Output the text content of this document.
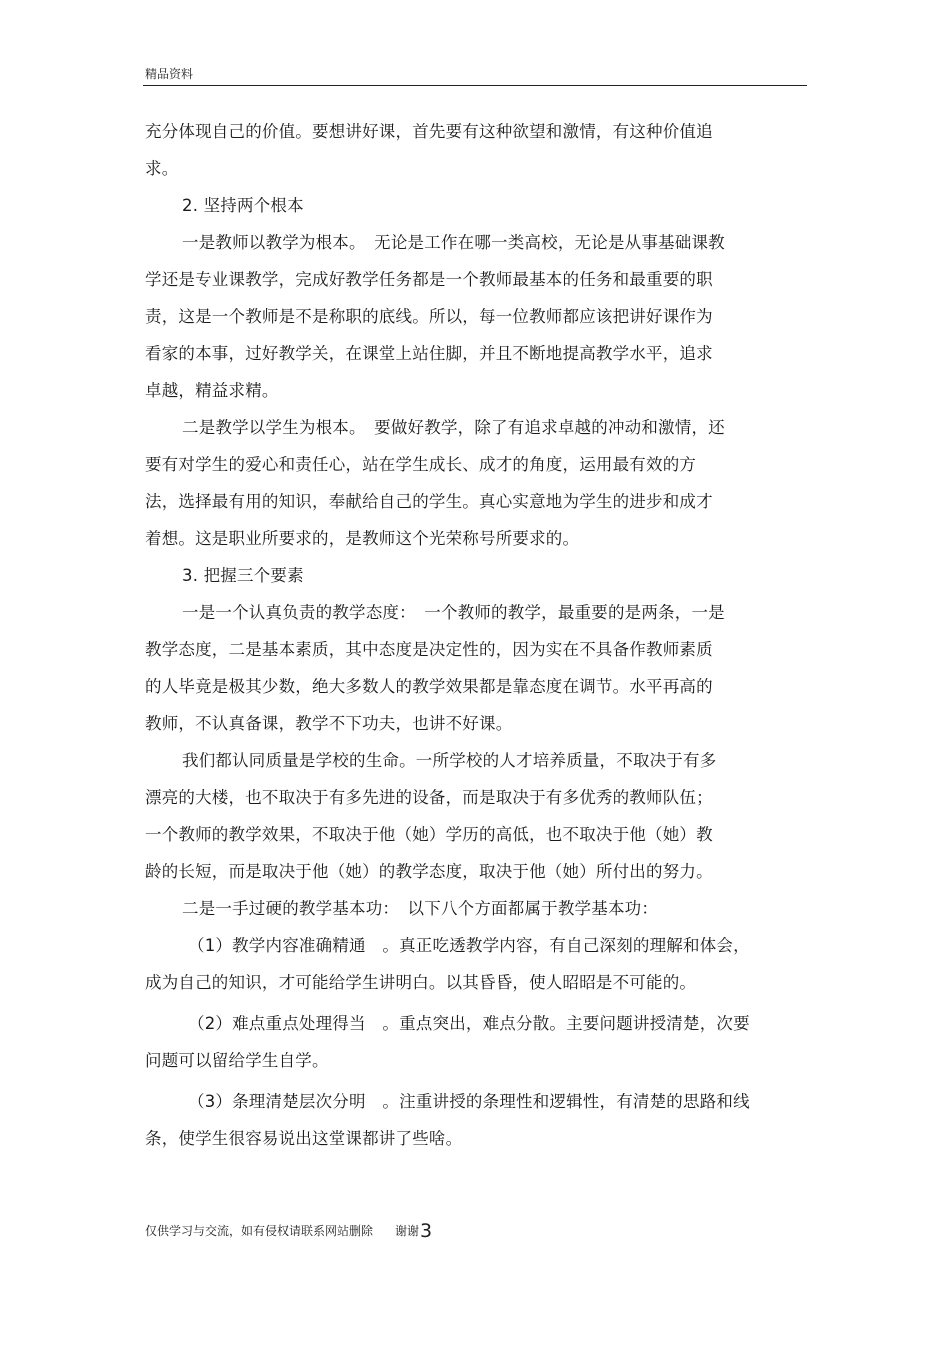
精品资料
充分体现自己的价值。要想讲好课，首先要有这种欲望和激情，有这种价值追
求。
2. 坚持两个根本
一是教师以教学为根本。　无论是工作在哪一类高校，无论是从事基础课教
学还是专业课教学，完成好教学任务都是一个教师最基本的任务和最重要的职
责，这是一个教师是不是称职的底线。所以，每一位教师都应该把讲好课作为
看家的本事，过好教学关，在课堂上站住脚，并且不断地提高教学水平，追求
卓越，精益求精。
二是教学以学生为根本。　要做好教学，除了有追求卓越的冲动和激情，还
要有对学生的爱心和责任心，站在学生成长、成才的角度，运用最有效的方
法，选择最有用的知识，奉献给自己的学生。真心实意地为学生的进步和成才
着想。这是职业所要求的，是教师这个光荣称号所要求的。
3. 把握三个要素
一是一个认真负责的教学态度：　一个教师的教学，最重要的是两条，一是
教学态度，二是基本素质，其中态度是决定性的，因为实在不具备作教师素质
的人毕竟是极其少数，绝大多数人的教学效果都是靠态度在调节。水平再高的
教师，不认真备课，教学不下功夫，也讲不好课。
我们都认同质量是学校的生命。一所学校的人才培养质量，不取决于有多
漂亮的大楼，也不取决于有多先进的设备，而是取决于有多优秀的教师队伍；
一个教师的教学效果，不取决于他（她）学历的高低，也不取决于他（她）教
龄的长短，而是取决于他（她）的教学态度，取决于他（她）所付出的努力。
二是一手过硬的教学基本功：　以下八个方面都属于教学基本功：
（1）教学内容准确精通　。真正吃透教学内容，有自己深刻的理解和体会，
成为自己的知识，才可能给学生讲明白。以其昏昏，使人昭昭是不可能的。
（2）难点重点处理得当　。重点突出，难点分散。主要问题讲授清楚，次要
问题可以留给学生自学。
（3）条理清楚层次分明　。注重讲授的条理性和逻辑性，有清楚的思路和线
条，使学生很容易说出这堂课都讲了些啥。
仅供学习与交流，如有侵权请联系网站删除 谢谢3
